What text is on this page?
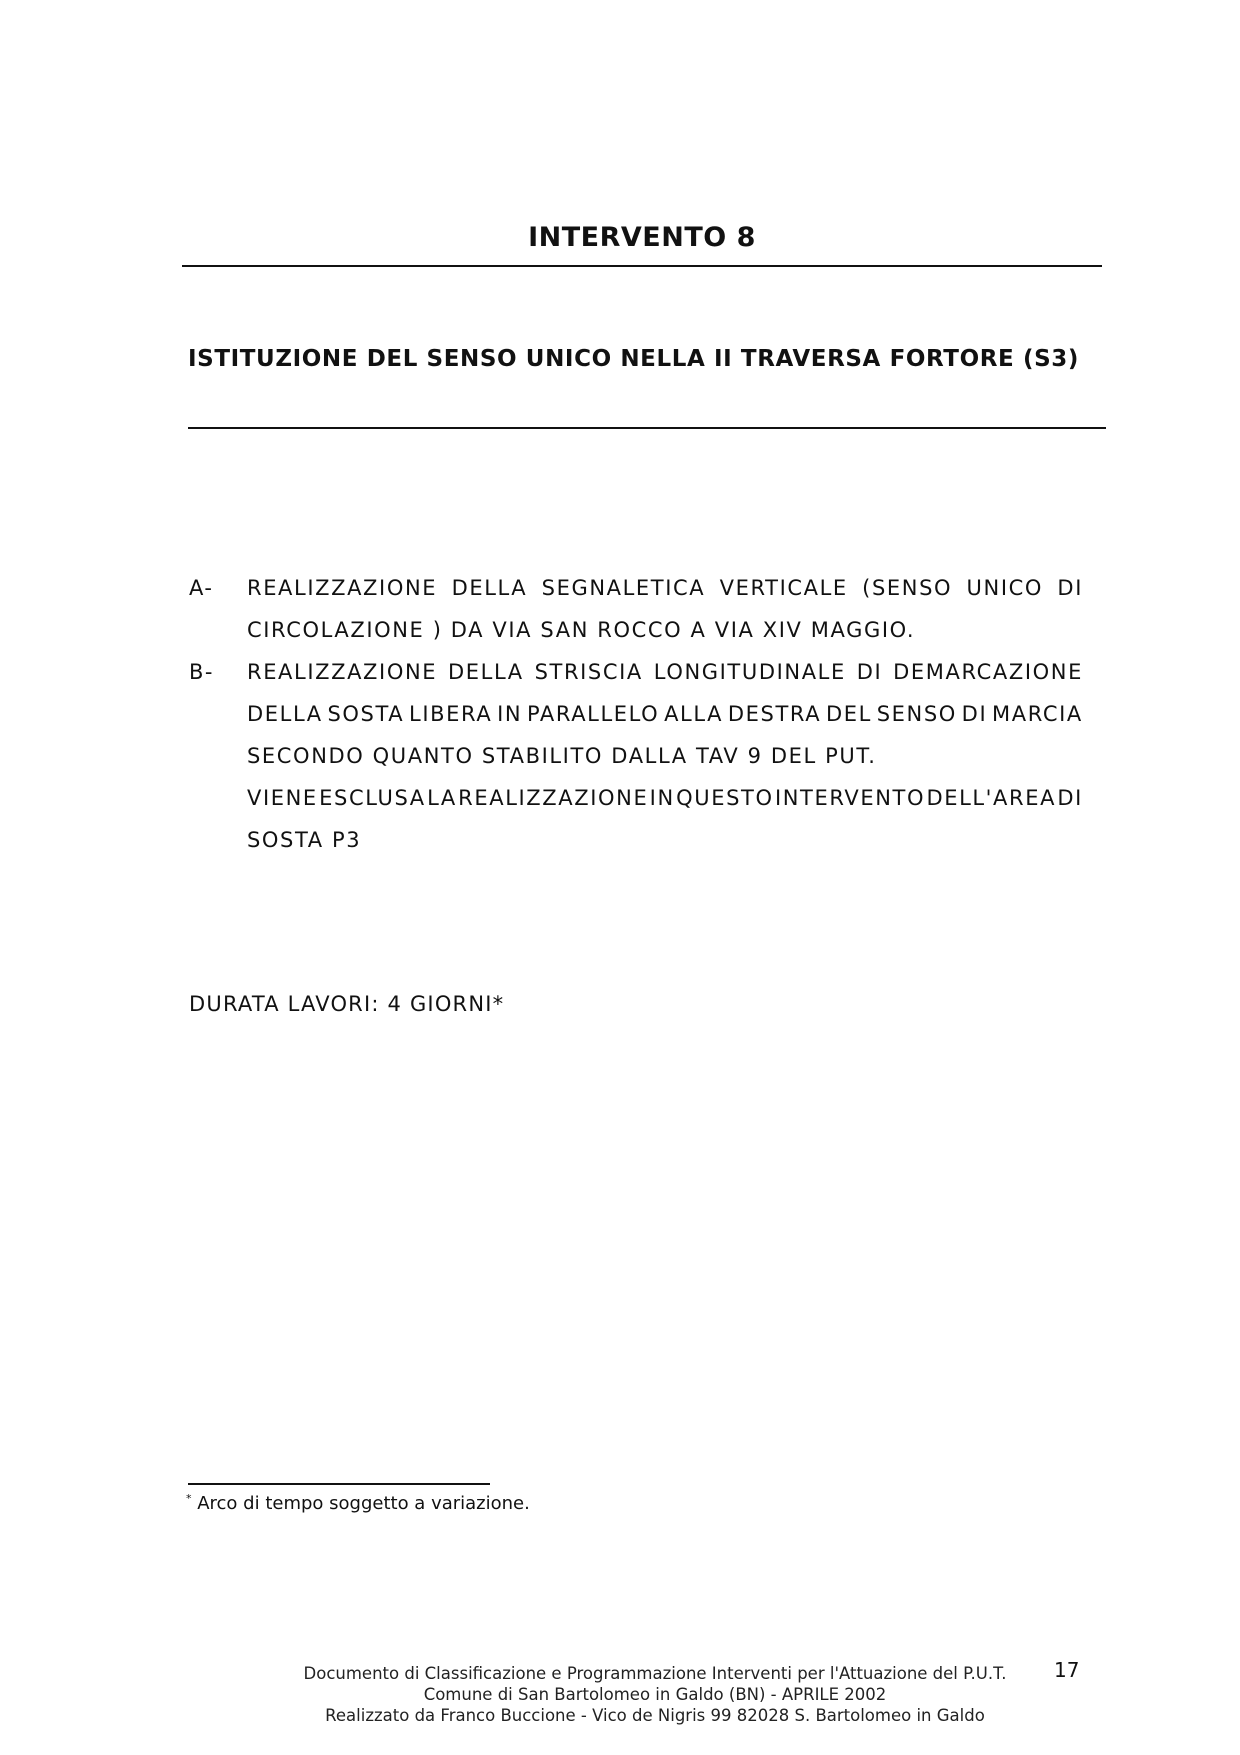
INTERVENTO 8
ISTITUZIONE DEL SENSO UNICO NELLA II TRAVERSA FORTORE (S3)
A- REALIZZAZIONE DELLA SEGNALETICA VERTICALE (SENSO UNICO DI
CIRCOLAZIONE ) DA VIA SAN ROCCO A VIA XIV MAGGIO.
B- REALIZZAZIONE DELLA STRISCIA LONGITUDINALE DI DEMARCAZIONE
DELLA SOSTA LIBERA IN PARALLELO ALLA DESTRA DEL SENSO DI MARCIA
SECONDO QUANTO STABILITO DALLA TAV 9 DEL PUT.
VIENE ESCLUSA LA REALIZZAZIONE IN QUESTO INTERVENTO DELL'AREA DI
SOSTA P3
DURATA LAVORI: 4 GIORNI*
* Arco di tempo soggetto a variazione.
Documento di Classificazione e Programmazione Interventi per l'Attuazione del P.U.T.
Comune di San Bartolomeo in Galdo (BN) - APRILE 2002
Realizzato da Franco Buccione - Vico de Nigris 99 82028 S. Bartolomeo in Galdo
17
